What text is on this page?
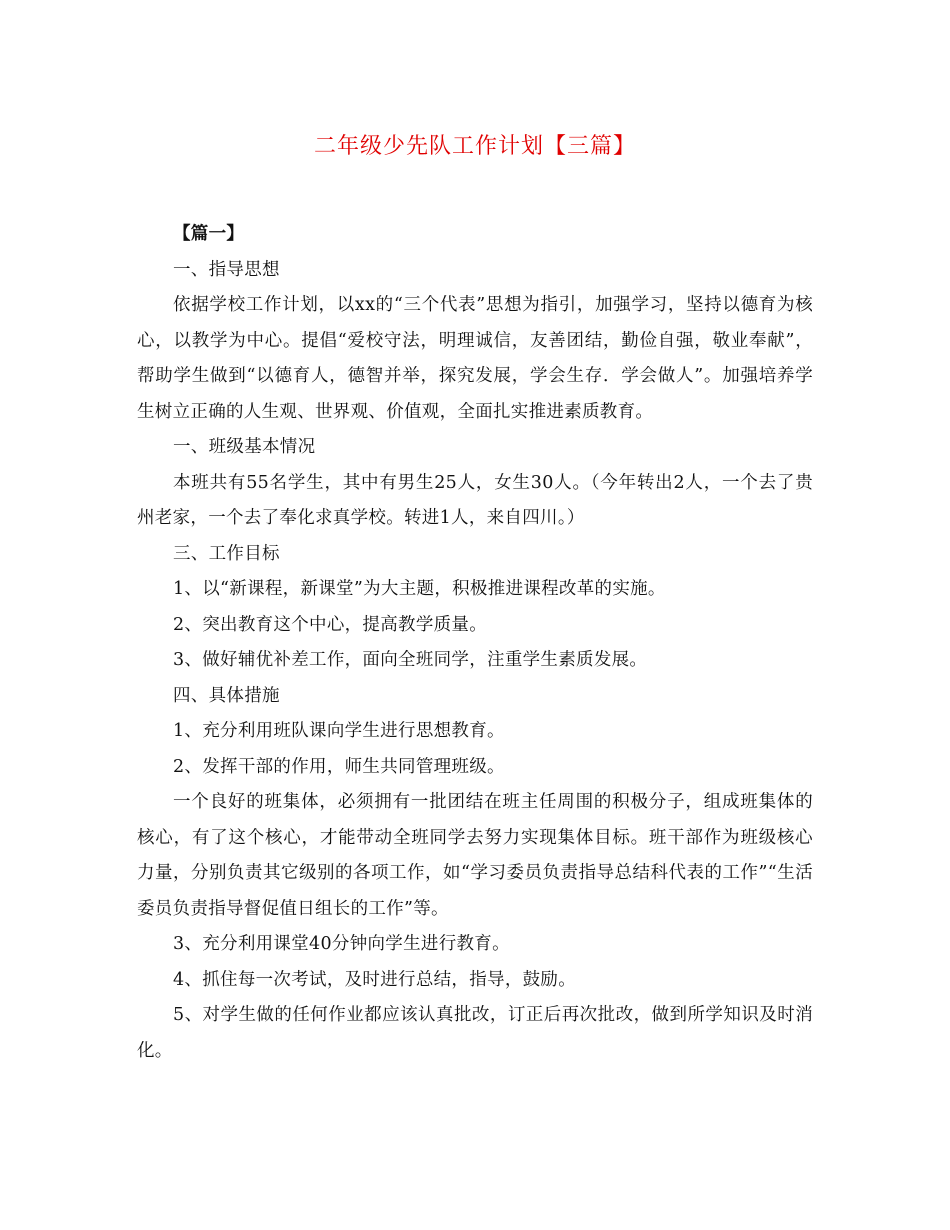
二年级少先队工作计划【三篇】

【篇一】

一、指导思想

依据学校工作计划，以xx的“三个代表”思想为指引，加强学习，坚持以德育为核心，以教学为中心。提倡“爱校守法，明理诚信，友善团结，勤俭自强，敬业奉献”，帮助学生做到“以德育人，德智并举，探究发展，学会生存．学会做人”。加强培养学生树立正确的人生观、世界观、价值观，全面扎实推进素质教育。

一、班级基本情况

本班共有55名学生，其中有男生25人，女生30人。（今年转出2人，一个去了贵州老家，一个去了奉化求真学校。转进1人，来自四川。）

三、工作目标

1、以“新课程，新课堂”为大主题，积极推进课程改革的实施。

2、突出教育这个中心，提高教学质量。

3、做好辅优补差工作，面向全班同学，注重学生素质发展。

四、具体措施

1、充分利用班队课向学生进行思想教育。

2、发挥干部的作用，师生共同管理班级。

一个良好的班集体，必须拥有一批团结在班主任周围的积极分子，组成班集体的核心，有了这个核心，才能带动全班同学去努力实现集体目标。班干部作为班级核心力量，分别负责其它级别的各项工作，如“学习委员负责指导总结科代表的工作”“生活委员负责指导督促值日组长的工作”等。

3、充分利用课堂40分钟向学生进行教育。

4、抓住每一次考试，及时进行总结，指导，鼓励。

5、对学生做的任何作业都应该认真批改，订正后再次批改，做到所学知识及时消化。
